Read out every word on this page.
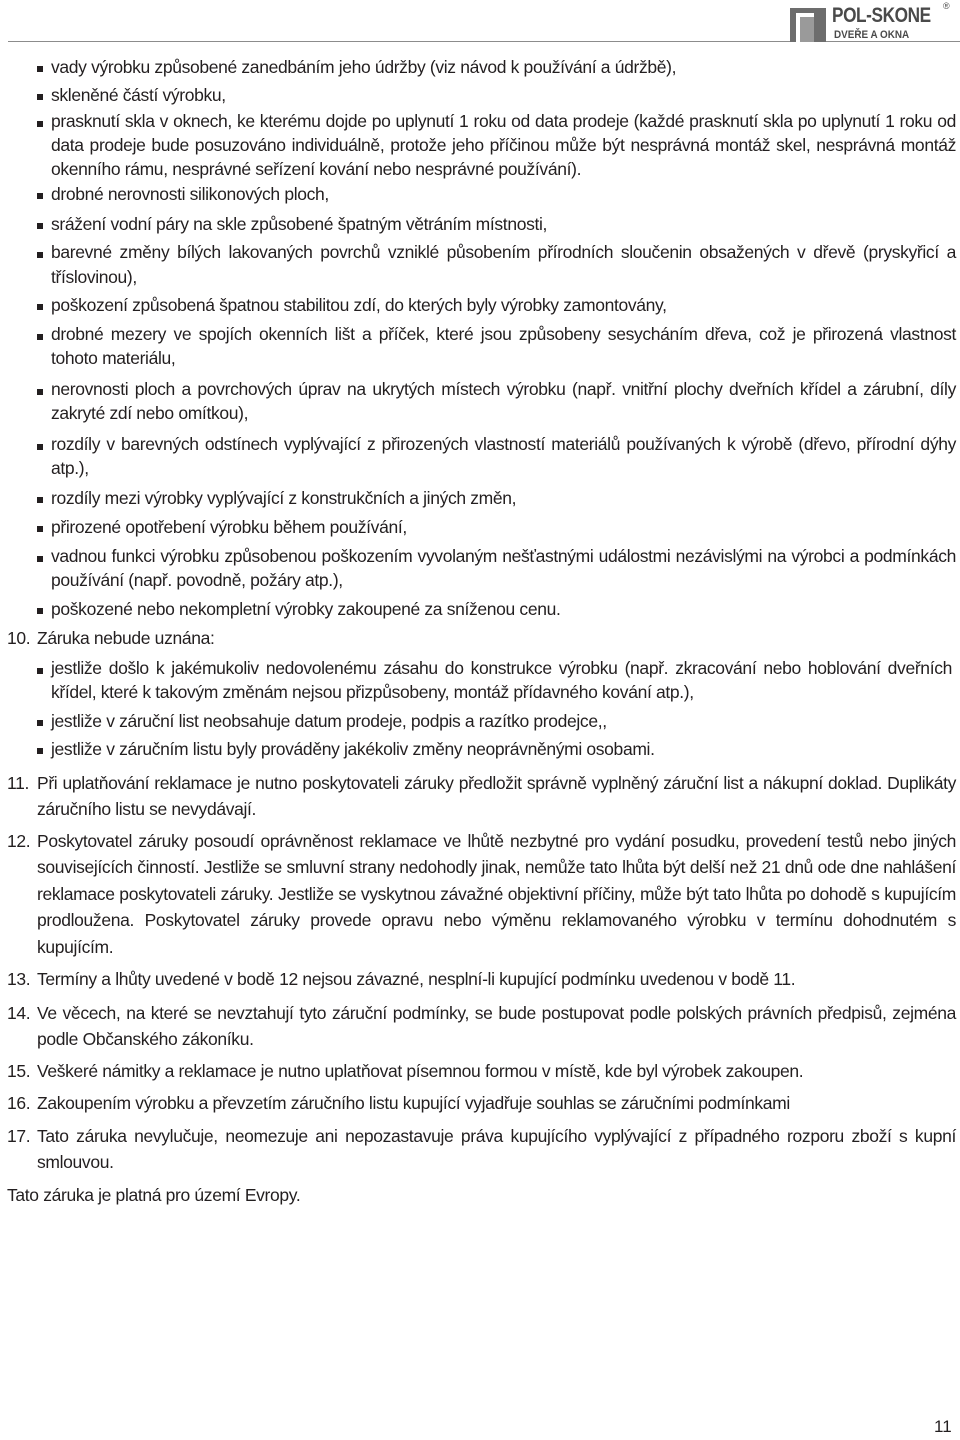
POL-SKONE ®
DVEŘE A OKNA
vady výrobku způsobené zanedbáním jeho údržby (viz návod k používání a údržbě),
skleněné částí výrobku,
prasknutí skla v oknech, ke kterému dojde po uplynutí 1 roku od data prodeje (každé prasknutí skla po uplynutí 1 roku od data prodeje bude posuzováno individuálně, protože jeho příčinou může být nesprávná montáž skel, nesprávná montáž okenního rámu, nesprávné seřízení kování nebo nesprávné používání).
drobné nerovnosti silikonových ploch,
srážení vodní páry na skle způsobené špatným větráním místnosti,
barevné změny bílých lakovaných povrchů vzniklé působením přírodních sloučenin obsažených v dřevě (pryskyřicí a tříslovinou),
poškození způsobená špatnou stabilitou zdí, do kterých byly výrobky zamontovány,
drobné mezery ve spojích okenních lišt a příček, které jsou způsobeny sesycháním dřeva, což je přirozená vlastnost tohoto materiálu,
nerovnosti ploch a povrchových úprav na ukrytých místech výrobku (např. vnitřní plochy dveřních křídel a zárubní, díly zakryté zdí nebo omítkou),
rozdíly v barevných odstínech vyplývající z přirozených vlastností materiálů používaných k výrobě (dřevo, přírodní dýhy atp.),
rozdíly mezi výrobky vyplývající z konstrukčních a jiných změn,
přirozené opotřebení výrobku během používání,
vadnou funkci výrobku způsobenou poškozením vyvolaným nešťastnými událostmi nezávislými na výrobci a podmínkách používání (např. povodně, požáry atp.),
poškozené nebo nekompletní výrobky zakoupené za sníženou cenu.
10. Záruka nebude uznána:
jestliže došlo k jakémukoliv nedovolenému zásahu do konstrukce výrobku (např. zkracování nebo hoblování dveřních křídel, které k takovým změnám nejsou přizpůsobeny, montáž přídavného kování atp.),
jestliže v záruční list neobsahuje datum prodeje, podpis a razítko prodejce,,
jestliže v záručním listu byly prováděny jakékoliv změny neoprávněnými osobami.
11. Při uplatňování reklamace je nutno poskytovateli záruky předložit správně vyplněný záruční list a nákupní doklad. Duplikáty záručního listu se nevydávají.
12. Poskytovatel záruky posoudí oprávněnost reklamace ve lhůtě nezbytné pro vydání posudku, provedení testů nebo jiných souvisejících činností. Jestliže se smluvní strany nedohodly jinak, nemůže tato lhůta být delší než 21 dnů ode dne nahlášení reklamace poskytovateli záruky. Jestliže se vyskytnou závažné objektivní příčiny, může být tato lhůta po dohodě s kupujícím prodloužena. Poskytovatel záruky provede opravu nebo výměnu reklamovaného výrobku v termínu dohodnutém s kupujícím.
13. Termíny a lhůty uvedené v bodě 12 nejsou závazné, nesplní-li kupující podmínku uvedenou v bodě 11.
14. Ve věcech, na které se nevztahují tyto záruční podmínky, se bude postupovat podle polských právních předpisů, zejména podle Občanského zákoníku.
15. Veškeré námitky a reklamace je nutno uplatňovat písemnou formou v místě, kde byl výrobek zakoupen.
16. Zakoupením výrobku a převzetím záručního listu kupující vyjadřuje souhlas se záručními podmínkami
17. Tato záruka nevylučuje, neomezuje ani nepozastavuje práva kupujícího vyplývající z případného rozporu zboží s kupní smlouvou.
Tato záruka je platná pro území Evropy.
11
